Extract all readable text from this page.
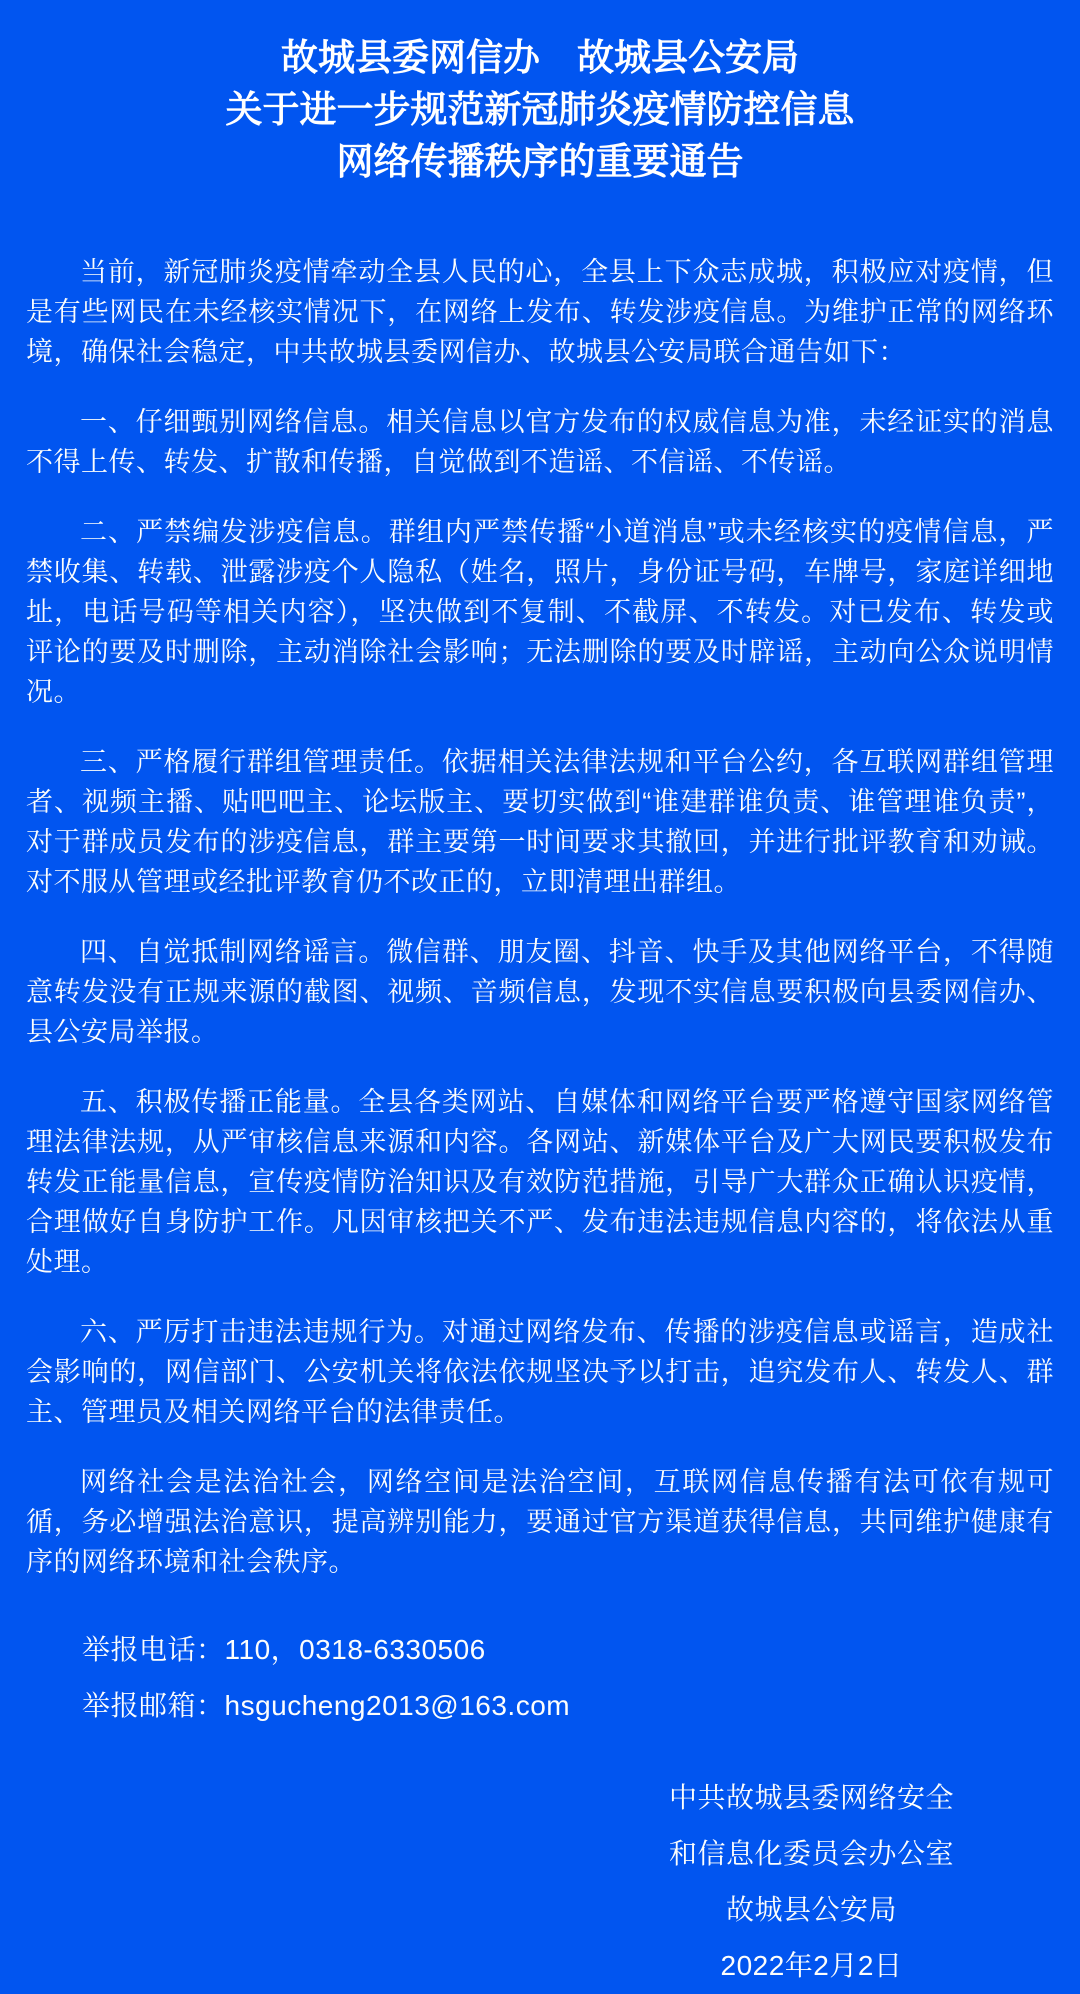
故城县委网信办　故城县公安局
关于进一步规范新冠肺炎疫情防控信息
网络传播秩序的重要通告

当前，新冠肺炎疫情牵动全县人民的心，全县上下众志成城，积极应对疫情，但是有些网民在未经核实情况下，在网络上发布、转发涉疫信息。为维护正常的网络环境，确保社会稳定，中共故城县委网信办、故城县公安局联合通告如下：

一、仔细甄别网络信息。相关信息以官方发布的权威信息为准，未经证实的消息不得上传、转发、扩散和传播，自觉做到不造谣、不信谣、不传谣。

二、严禁编发涉疫信息。群组内严禁传播“小道消息”或未经核实的疫情信息，严禁收集、转载、泄露涉疫个人隐私（姓名，照片，身份证号码，车牌号，家庭详细地址，电话号码等相关内容），坚决做到不复制、不截屏、不转发。对已发布、转发或评论的要及时删除，主动消除社会影响；无法删除的要及时辟谣，主动向公众说明情况。

三、严格履行群组管理责任。依据相关法律法规和平台公约，各互联网群组管理者、视频主播、贴吧吧主、论坛版主、要切实做到“谁建群谁负责、谁管理谁负责”，对于群成员发布的涉疫信息，群主要第一时间要求其撤回，并进行批评教育和劝诫。对不服从管理或经批评教育仍不改正的，立即清理出群组。

四、自觉抵制网络谣言。微信群、朋友圈、抖音、快手及其他网络平台，不得随意转发没有正规来源的截图、视频、音频信息，发现不实信息要积极向县委网信办、县公安局举报。

五、积极传播正能量。全县各类网站、自媒体和网络平台要严格遵守国家网络管理法律法规，从严审核信息来源和内容。各网站、新媒体平台及广大网民要积极发布转发正能量信息，宣传疫情防治知识及有效防范措施，引导广大群众正确认识疫情，合理做好自身防护工作。凡因审核把关不严、发布违法违规信息内容的，将依法从重处理。

六、严厉打击违法违规行为。对通过网络发布、传播的涉疫信息或谣言，造成社会影响的，网信部门、公安机关将依法依规坚决予以打击，追究发布人、转发人、群主、管理员及相关网络平台的法律责任。

网络社会是法治社会，网络空间是法治空间，互联网信息传播有法可依有规可循，务必增强法治意识，提高辨别能力，要通过官方渠道获得信息，共同维护健康有序的网络环境和社会秩序。

举报电话：110，0318-6330506

举报邮箱：hsgucheng2013@163.com

中共故城县委网络安全
和信息化委员会办公室
故城县公安局
2022年2月2日
